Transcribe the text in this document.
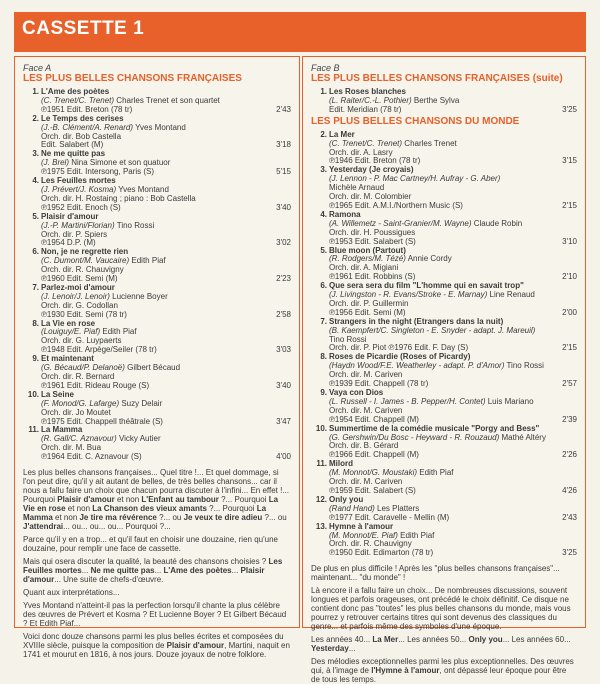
CASSETTE 1

Face A

LES PLUS BELLES CHANSONS FRANÇAISES

1. L'Ame des poètes
(C. Trenet/C. Trenet) Charles Trenet et son quartet
℗1951 Edit. Breton (78 tr)	2'43
2. Le Temps des cerises
(J.-B. Clément/A. Renard) Yves Montand
Orch. dir. Bob Castella
Edit. Salabert (M)	3'18
3. Ne me quitte pas
(J. Brel) Nina Simone et son quatuor
℗1975 Edit. Intersong, Paris (S)	5'15
4. Les Feuilles mortes
(J. Prévert/J. Kosma) Yves Montand
Orch. dir. H. Rostaing ; piano : Bob Castella
℗1952 Edit. Enoch (S)	3'40
5. Plaisir d'amour
(J.-P. Martini/Florian) Tino Rossi
Orch. dir. P. Spiers
℗1954 D.P. (M)	3'02
6. Non, je ne regrette rien
(C. Dumont/M. Vaucaire) Edith Piaf
Orch. dir. R. Chauvigny
℗1960 Edit. Semi (M)	2'23
7. Parlez-moi d'amour
(J. Lenoir/J. Lenoir) Lucienne Boyer
Orch. dir. G. Codollan
℗1930 Edit. Semi (78 tr)	2'58
8. La Vie en rose
(Louiguy/E. Piaf) Edith Piaf
Orch. dir. G. Luypaerts
℗1948 Edit. Arpège/Seiler (78 tr)	3'03
9. Et maintenant
(G. Bécaud/P. Delanoë) Gilbert Bécaud
Orch. dir. R. Bernard
℗1961 Edit. Rideau Rouge (S)	3'40
10. La Seine
(F. Monod/G. Lafarge) Suzy Delair
Orch. dir. Jo Moutet
℗1975 Edit. Chappell théâtrale (S)	3'47
11. La Mamma
(R. Gall/C. Aznavour) Vicky Autier
Orch. dir. M. Bua
℗1964 Edit. C. Aznavour (S)	4'00

Les plus belles chansons françaises... Quel titre !... Et quel dommage, si l'on peut dire, qu'il y ait autant de belles, de très belles chansons... car il nous a fallu faire un choix que chacun pourra discuter à l'infini... En effet !... Pourquoi Plaisir d'amour et non L'Enfant au tambour ?... Pourquoi La Vie en rose et non La Chanson des vieux amants ?... Pourquoi La Mamma et non Je tire ma révérence ?... ou Je veux te dire adieu ?... ou J'attendrai... ou... ou... ou... Pourquoi ?...

Parce qu'il y en a trop... et qu'il faut en choisir une douzaine, rien qu'une douzaine, pour remplir une face de cassette.

Mais qui osera discuter la qualité, la beauté des chansons choisies ? Les Feuilles mortes... Ne me quitte pas... L'Ame des poètes... Plaisir d'amour... Une suite de chefs-d'œuvre.

Quant aux interprétations...

Yves Montand n'atteint-il pas la perfection lorsqu'il chante la plus célèbre des œuvres de Prévert et Kosma ? Et Lucienne Boyer ? Et Gilbert Bécaud ? Et Edith Piaf...

Voici donc douze chansons parmi les plus belles écrites et composées du XVIIIe siècle, puisque la composition de Plaisir d'amour, Martini, naquit en 1741 et mourut en 1816, à nos jours. Douze joyaux de notre folklore.

Face B

LES PLUS BELLES CHANSONS FRANÇAISES (suite)

1. Les Roses blanches
(L. Raiter/C.-L. Pothier) Berthe Sylva
Edit. Meridian (78 tr)	3'25

LES PLUS BELLES CHANSONS DU MONDE

2. La Mer
(C. Trenet/C. Trenet) Charles Trenet
Orch. dir. A. Lasry
℗1946 Edit. Breton (78 tr)	3'15
3. Yesterday (Je croyais)
(J. Lennon - P. Mac Cartney/H. Aufray - G. Aber)
Michèle Arnaud
Orch. dir. M. Colombier
℗1965 Edit. A.M.I./Northern Music (S)	2'15
4. Ramona
(A. Willemetz - Saint-Granier/M. Wayne) Claude Robin
Orch. dir. H. Poussigues
℗1953 Edit. Salabert (S)	3'10
5. Blue moon (Partout)
(R. Rodgers/M. Tézé) Annie Cordy
Orch. dir. A. Migiani
℗1961 Edit. Robbins (S)	2'10
6. Que sera sera du film "L'homme qui en savait trop"
(J. Livingston - R. Evans/Stroke - E. Marnay) Line Renaud
Orch. dir. P. Guillermin
℗1956 Edit. Semi (M)	2'00
7. Strangers in the night (Etrangers dans la nuit)
(B. Kaempfert/C. Singleton - E. Snyder - adapt. J. Mareuil)
Tino Rossi
Orch. dir. P. Piot ℗1976 Edit. F. Day (S)	2'15
8. Roses de Picardie (Roses of Picardy)
(Haydn Wood/F.E. Weatherley - adapt. P. d'Amor) Tino Rossi
Orch. dir. M. Cariven
℗1939 Edit. Chappell (78 tr)	2'57
9. Vaya con Dios
(L. Russell - I. James - B. Pepper/H. Contet) Luis Mariano
Orch. dir. M. Cariven
℗1954 Edit. Chappell (M)	2'39
10. Summertime de la comédie musicale "Porgy and Bess"
(G. Gershwin/Du Bosc - Heyward - R. Rouzaud) Mathé Altéry
Orch. dir. B. Gérard
℗1966 Edit. Chappell (M)	2'26
11. Milord
(M. Monnot/G. Moustaki) Edith Piaf
Orch. dir. M. Cariven
℗1959 Edit. Salabert (S)	4'26
12. Only you
(Rand Hand) Les Platters
℗1977 Edit. Caravelle - Mellin (M)	2'43
13. Hymne à l'amour
(M. Monnot/E. Piaf) Edith Piaf
Orch. dir. R. Chauvigny
℗1950 Edit. Edimarton (78 tr)	3'25

De plus en plus difficile ! Après les "plus belles chansons françaises"... maintenant... "du monde" !

Là encore il a fallu faire un choix... De nombreuses discussions, souvent longues et parfois orageuses, ont précédé le choix définitif. Ce disque ne contient donc pas "toutes" les plus belles chansons du monde, mais vous pourrez y retrouver certains titres qui sont devenus des classiques du genre... et parfois même des symboles d'une époque.

Les années 40... La Mer... Les années 50... Only you... Les années 60... Yesterday...

Des mélodies exceptionnelles parmi les plus exceptionnelles. Des œuvres qui, à l'image de l'Hymne à l'amour, ont dépassé leur époque pour être de tous les temps.
